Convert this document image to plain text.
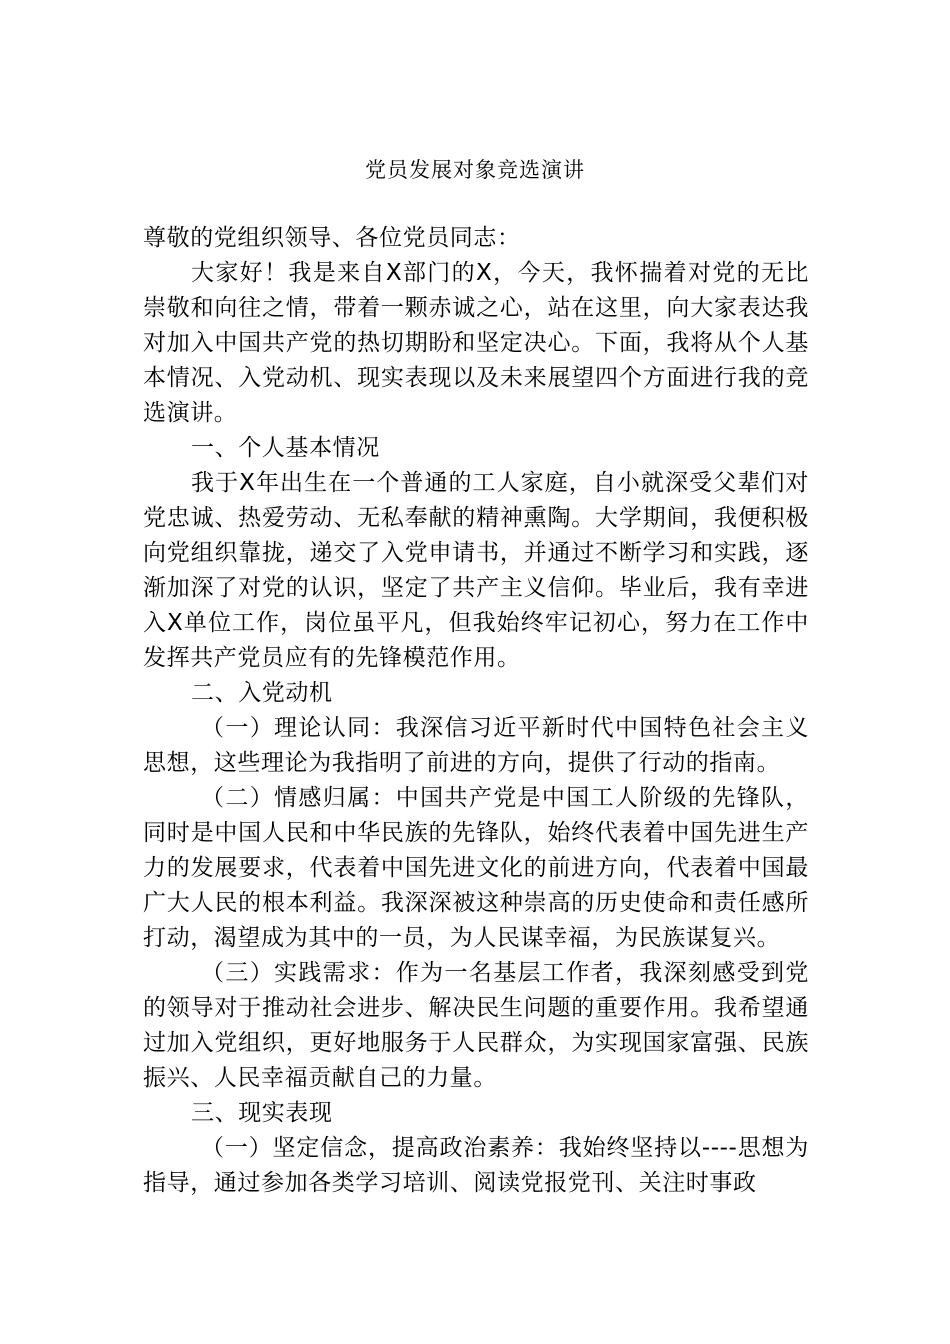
党员发展对象竞选演讲

尊敬的党组织领导、各位党员同志：

大家好！我是来自X部门的X，今天，我怀揣着对党的无比崇敬和向往之情，带着一颗赤诚之心，站在这里，向大家表达我对加入中国共产党的热切期盼和坚定决心。下面，我将从个人基本情况、入党动机、现实表现以及未来展望四个方面进行我的竞选演讲。

一、个人基本情况

我于X年出生在一个普通的工人家庭，自小就深受父辈们对党忠诚、热爱劳动、无私奉献的精神熏陶。大学期间，我便积极向党组织靠拢，递交了入党申请书，并通过不断学习和实践，逐渐加深了对党的认识，坚定了共产主义信仰。毕业后，我有幸进入X单位工作，岗位虽平凡，但我始终牢记初心，努力在工作中发挥共产党员应有的先锋模范作用。

二、入党动机

（一）理论认同：我深信习近平新时代中国特色社会主义思想，这些理论为我指明了前进的方向，提供了行动的指南。

（二）情感归属：中国共产党是中国工人阶级的先锋队，同时是中国人民和中华民族的先锋队，始终代表着中国先进生产力的发展要求，代表着中国先进文化的前进方向，代表着中国最广大人民的根本利益。我深深被这种崇高的历史使命和责任感所打动，渴望成为其中的一员，为人民谋幸福，为民族谋复兴。

（三）实践需求：作为一名基层工作者，我深刻感受到党的领导对于推动社会进步、解决民生问题的重要作用。我希望通过加入党组织，更好地服务于人民群众，为实现国家富强、民族振兴、人民幸福贡献自己的力量。

三、现实表现

（一）坚定信念，提高政治素养：我始终坚持以----思想为指导，通过参加各类学习培训、阅读党报党刊、关注时事政
